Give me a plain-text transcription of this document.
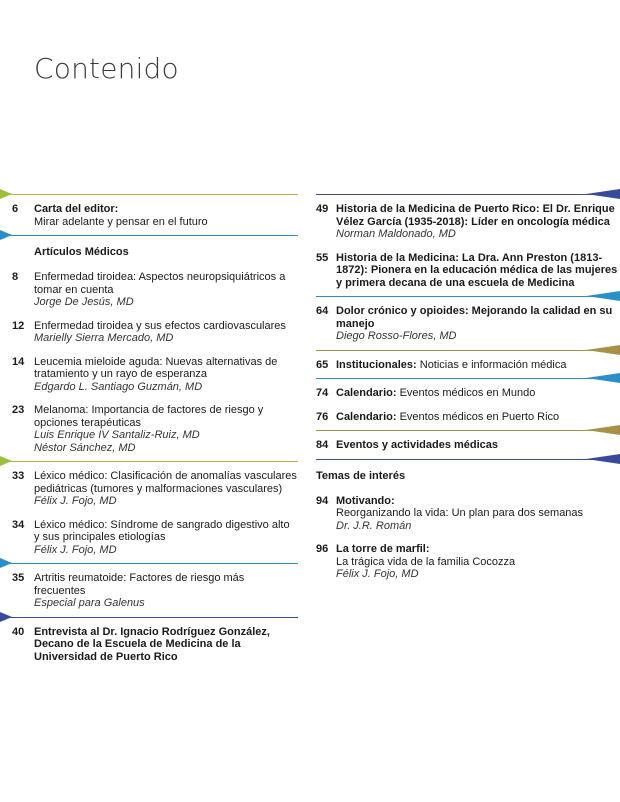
Contenido
6 Carta del editor:
Mirar adelante y pensar en el futuro
Artículos Médicos
8 Enfermedad tiroidea: Aspectos neuropsiquiátricos a tomar en cuenta
Jorge De Jesús, MD
12 Enfermedad tiroidea y sus efectos cardiovasculares
Marielly Sierra Mercado, MD
14 Leucemia mieloide aguda: Nuevas alternativas de tratamiento y un rayo de esperanza
Edgardo L. Santiago Guzmán, MD
23 Melanoma: Importancia de factores de riesgo y opciones terapéuticas
Luis Enrique IV Santaliz-Ruiz, MD
Néstor Sánchez, MD
33 Léxico médico: Clasificación de anomalías vasculares pediátricas (tumores y malformaciones vasculares)
Félix J. Fojo, MD
34 Léxico médico: Síndrome de sangrado digestivo alto y sus principales etiologías
Félix J. Fojo, MD
35 Artritis reumatoide: Factores de riesgo más frecuentes
Especial para Galenus
40 Entrevista al Dr. Ignacio Rodríguez González, Decano de la Escuela de Medicina de la Universidad de Puerto Rico
49 Historia de la Medicina de Puerto Rico: El Dr. Enrique Vélez García (1935-2018): Líder en oncología médica
Norman Maldonado, MD
55 Historia de la Medicina: La Dra. Ann Preston (1813-1872): Pionera en la educación médica de las mujeres y primera decana de una escuela de Medicina
64 Dolor crónico y opioides: Mejorando la calidad en su manejo
Diego Rosso-Flores, MD
65 Institucionales: Noticias e información médica
74 Calendario: Eventos médicos en Mundo
76 Calendario: Eventos médicos en Puerto Rico
84 Eventos y actividades médicas
Temas de interés
94 Motivando:
Reorganizando la vida: Un plan para dos semanas
Dr. J.R. Román
96 La torre de marfil:
La trágica vida de la familia Cocozza
Félix J. Fojo, MD
